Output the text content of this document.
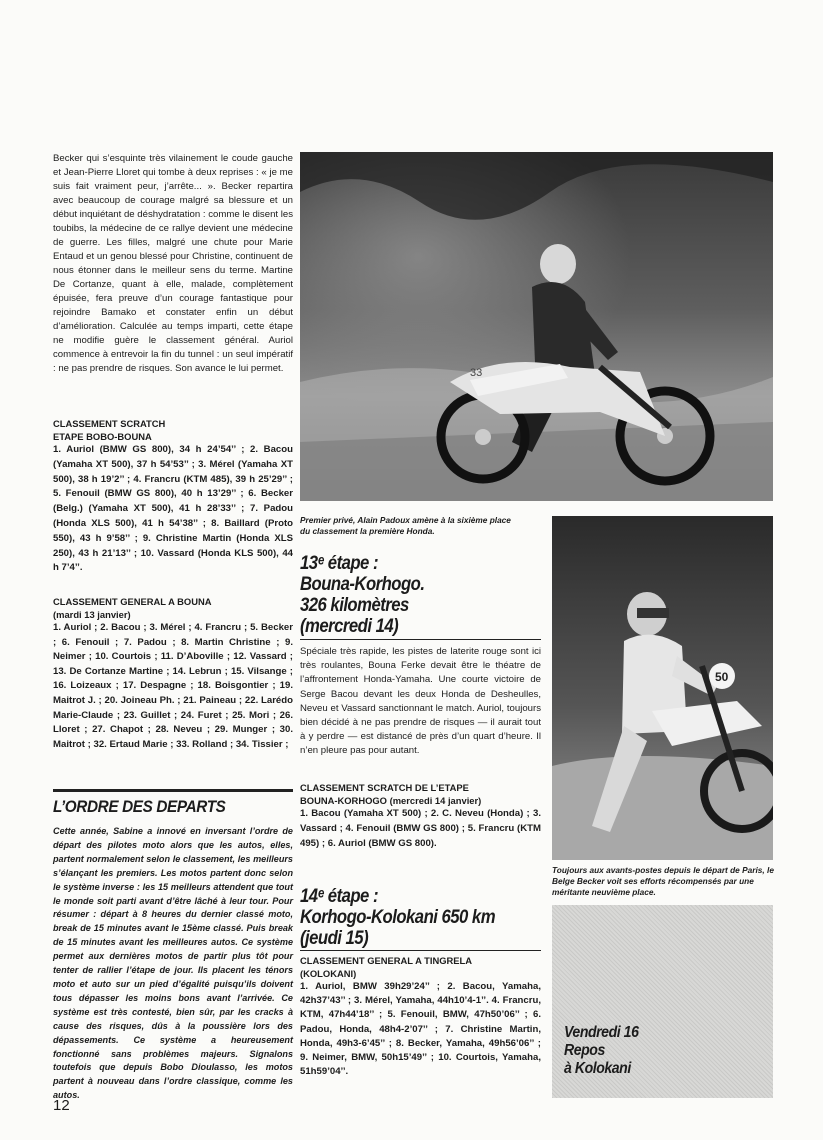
Becker qui s’esquinte très vilainement le coude gauche et Jean-Pierre Lloret qui tombe à deux reprises : « je me suis fait vraiment peur, j’arrête... ». Becker repartira avec beaucoup de courage malgré sa blessure et un début inquiétant de déshydratation : comme le disent les toubibs, la médecine de ce rallye devient une médecine de guerre. Les filles, malgré une chute pour Marie Entaud et un genou blessé pour Christine, continuent de nous étonner dans le meilleur sens du terme. Martine De Cortanze, quant à elle, malade, complètement épuisée, fera preuve d’un courage fantastique pour rejoindre Bamako et constater enfin un début d’amélioration. Calculée au temps imparti, cette étape ne modifie guère le classement général. Auriol commence à entrevoir la fin du tunnel : un seul impératif : ne pas prendre de risques. Son avance le lui permet.

CLASSEMENT SCRATCH
ETAPE BOBO-BOUNA

1. Auriol (BMW GS 800), 34 h 24’54’’ ; 2. Bacou (Yamaha XT 500), 37 h 54’53’’ ; 3. Mérel (Yamaha XT 500), 38 h 19’2’’ ; 4. Francru (KTM 485), 39 h 25’29’’ ; 5. Fenouil (BMW GS 800), 40 h 13’29’’ ; 6. Becker (Belg.) (Yamaha XT 500), 41 h 28’33’’ ; 7. Padou (Honda XLS 500), 41 h 54’38’’ ; 8. Baillard (Proto 550), 43 h 9’58’’ ; 9. Christine Martin (Honda XLS 250), 43 h 21’13’’ ; 10. Vassard (Honda KLS 500), 44 h 7’4’’.

CLASSEMENT GENERAL A BOUNA
(mardi 13 janvier)

1. Auriol ; 2. Bacou ; 3. Mérel ; 4. Francru ; 5. Becker ; 6. Fenouil ; 7. Padou ; 8. Martin Christine ; 9. Neimer ; 10. Courtois ; 11. D’Aboville ; 12. Vassard ; 13. De Cortanze Martine ; 14. Lebrun ; 15. Vilsange ; 16. Loizeaux ; 17. Despagne ; 18. Boisgontier ; 19. Maitrot J. ; 20. Joineau Ph. ; 21. Paineau ; 22. Larédo Marie-Claude ; 23. Guillet ; 24. Furet ; 25. Mori ; 26. Lloret ; 27. Chapot ; 28. Neveu ; 29. Munger ; 30. Maitrot ; 32. Ertaud Marie ; 33. Rolland ; 34. Tissier ;

L’ORDRE DES DEPARTS
Cette année, Sabine a innové en inversant l’ordre de départ des pilotes moto alors que les autos, elles, partent normalement selon le classement, les meilleurs s’élançant les premiers. Les motos partent donc selon le système inverse : les 15 meilleurs attendent que tout le monde soit parti avant d’être lâché à leur tour. Pour résumer : départ à 8 heures du dernier classé moto, break de 15 minutes avant le 15ème classé. Puis break de 15 minutes avant les meilleures autos. Ce système permet aux dernières motos de partir plus tôt pour tenter de rallier l’étape de jour. Ils placent les ténors moto et auto sur un pied d’égalité puisqu’ils doivent tous dépasser les moins bons avant l’arrivée. Ce système est très contesté, bien sûr, par les cracks à cause des risques, dûs à la poussière lors des dépassements. Ce système a heureusement fonctionné sans problèmes majeurs. Signalons toutefois que depuis Bobo Dioulasso, les motos partent à nouveau dans l’ordre classique, comme les autos.
12
33
Premier privé, Alain Padoux amène à la sixième place du classement la première Honda.
50
Toujours aux avants-postes depuis le départ de Paris, le Belge Becker voit ses efforts récompensés par une méritante neuvième place.
13ᵉ étape :
Bouna-Korhogo.
326 kilomètres
(mercredi 14)

Spéciale très rapide, les pistes de laterite rouge sont ici très roulantes, Bouna Ferke devait être le théatre de l’affrontement Honda-Yamaha. Une courte victoire de Serge Bacou devant les deux Honda de Desheulles, Neveu et Vassard sanctionnant le match. Auriol, toujours bien décidé à ne pas prendre de risques — il aurait tout à y perdre — est distancé de près d’un quart d’heure. Il n’en pleure pas pour autant.

CLASSEMENT SCRATCH DE L’ETAPE
BOUNA-KORHOGO (mercredi 14 janvier)

1. Bacou (Yamaha XT 500) ; 2. C. Neveu (Honda) ; 3. Vassard ; 4. Fenouil (BMW GS 800) ; 5. Francru (KTM 495) ; 6. Auriol (BMW GS 800).

14ᵉ étape :
Korhogo-Kolokani 650 km
(jeudi 15)
CLASSEMENT GENERAL A TINGRELA
(KOLOKANI)

1. Auriol, BMW 39h29’24’’ ; 2. Bacou, Yamaha, 42h37’43’’ ; 3. Mérel, Yamaha, 44h10’4-1’’. 4. Francru, KTM, 47h44’18’’ ; 5. Fenouil, BMW, 47h50’06’’ ; 6. Padou, Honda, 48h4-2’07’’ ; 7. Christine Martin, Honda, 49h3-6’45’’ ; 8. Becker, Yamaha, 49h56’06’’ ; 9. Neimer, BMW, 50h15’49’’ ; 10. Courtois, Yamaha, 51h59’04’’.

Vendredi 16
Repos
à Kolokani
